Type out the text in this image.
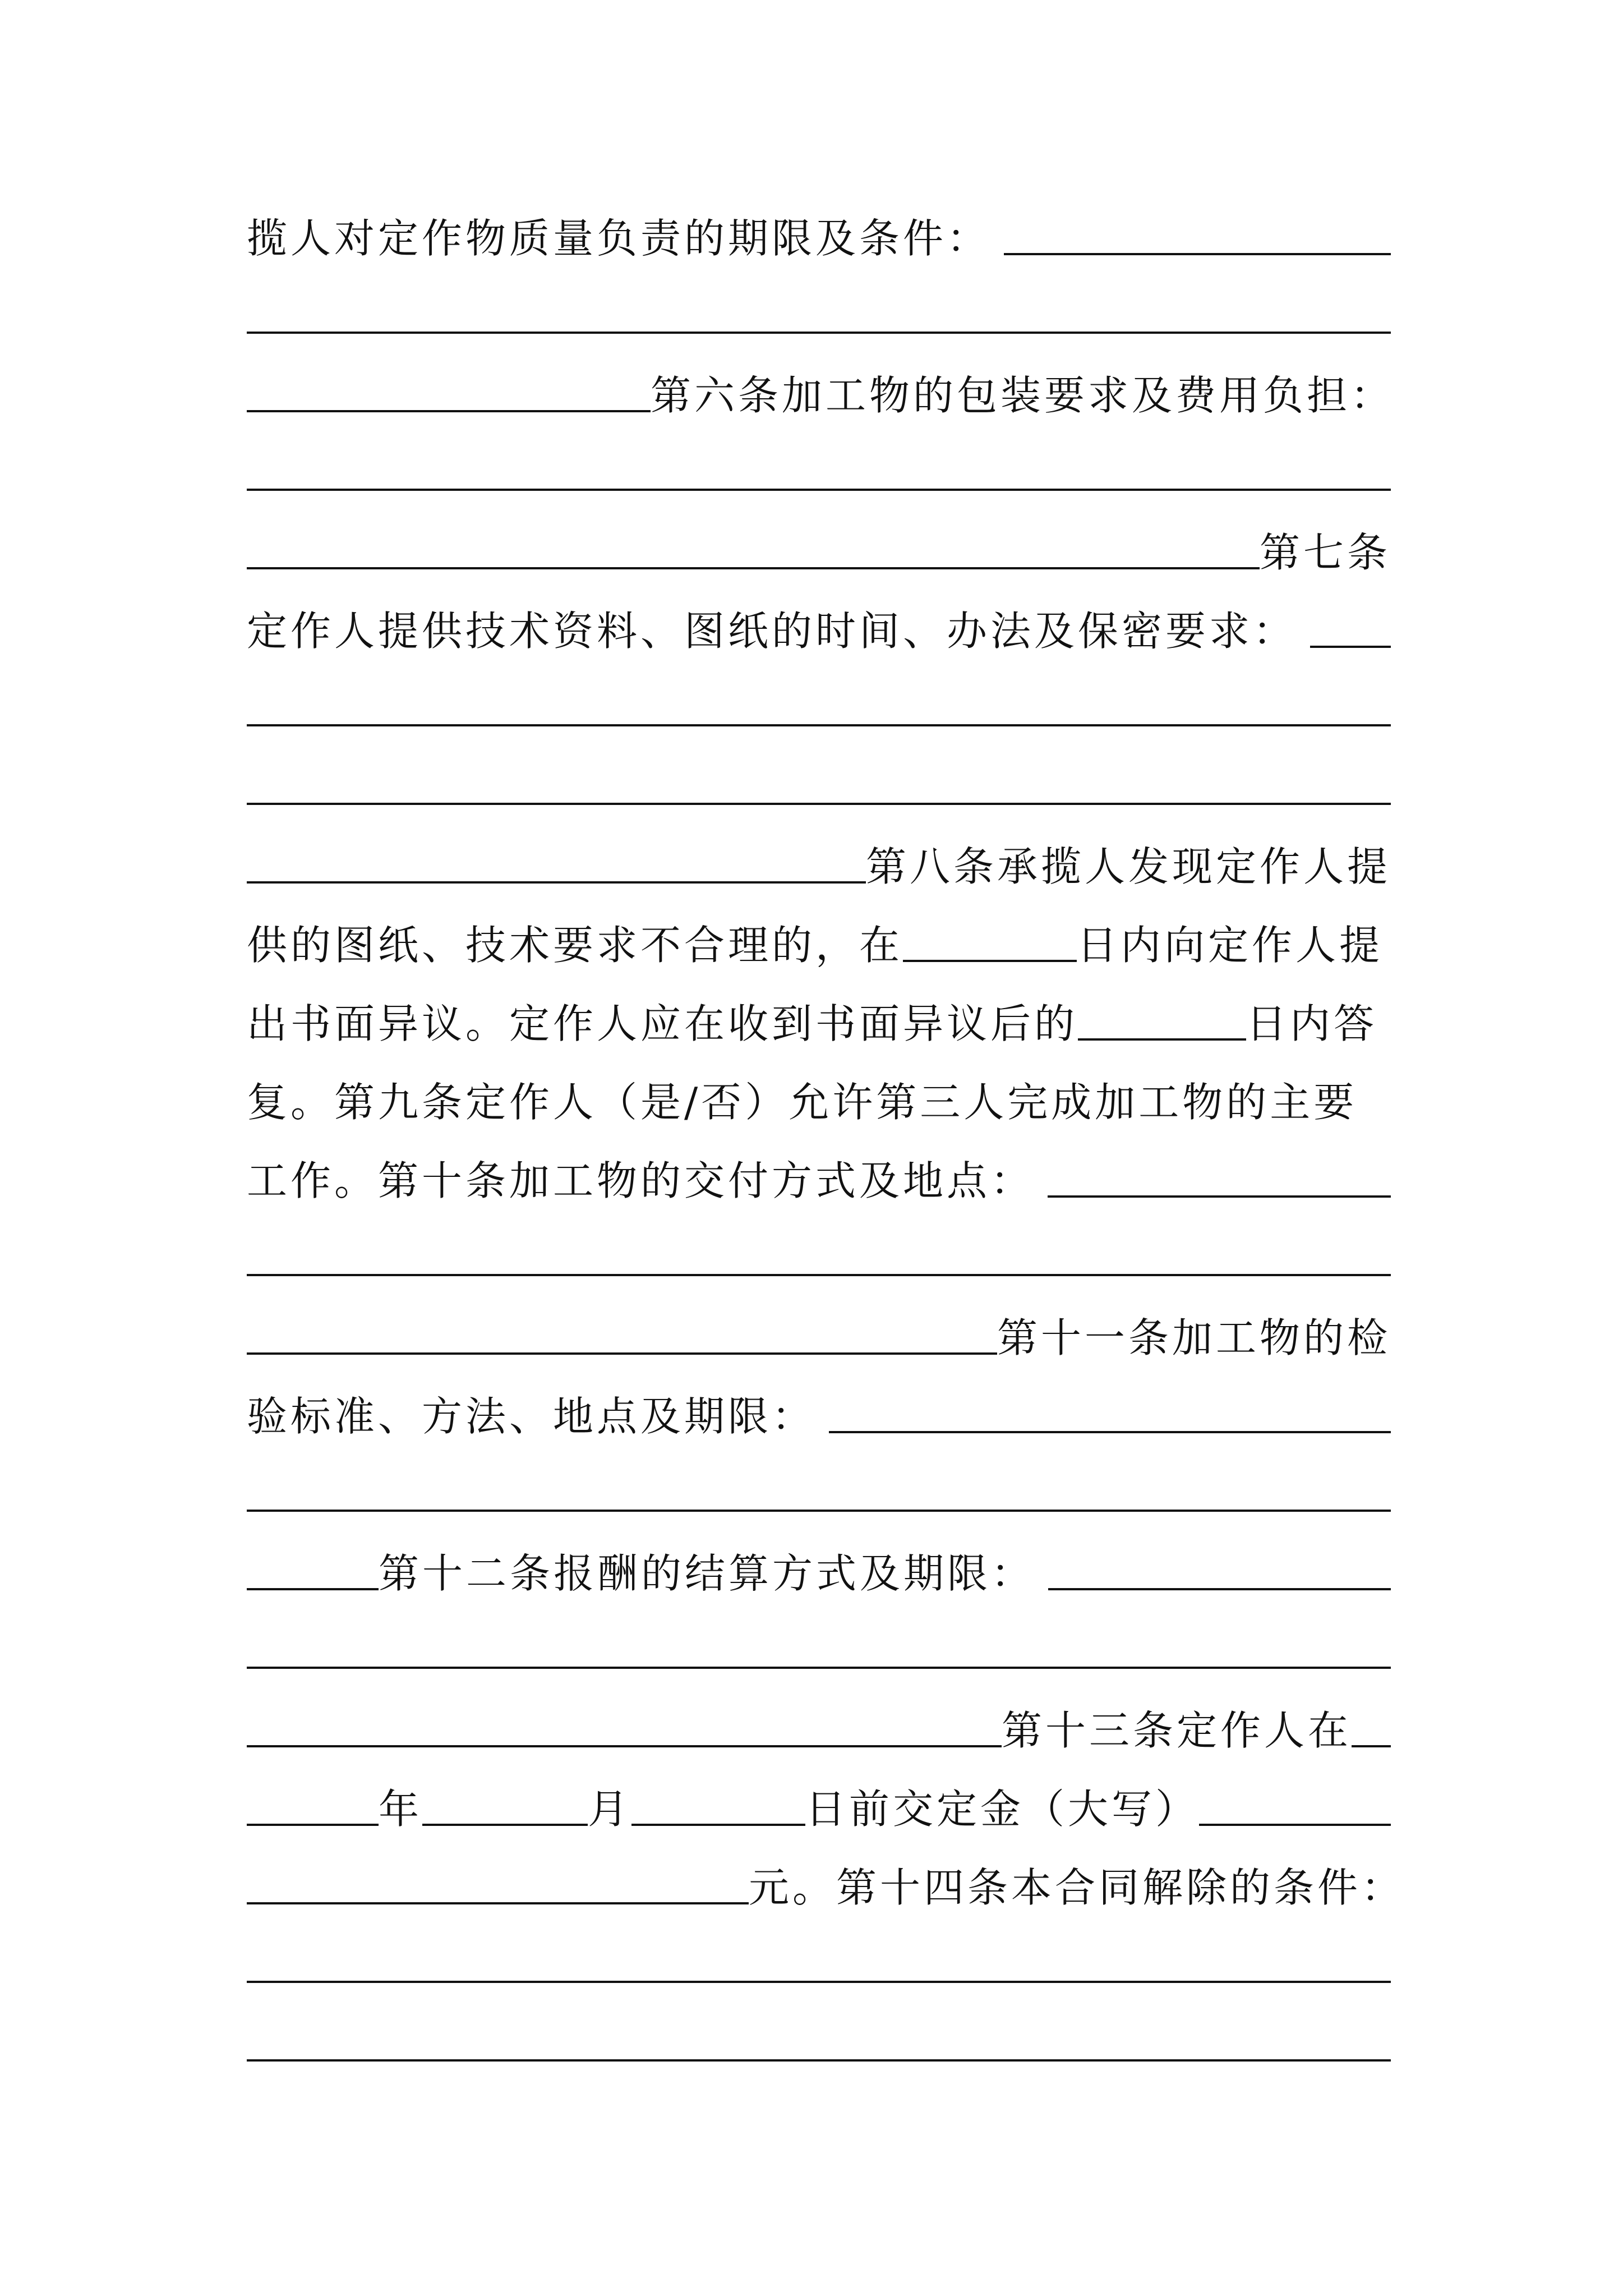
揽人对定作物质量负责的期限及条件：
第六条加工物的包装要求及费用负担：
第七条
定作人提供技术资料、图纸的时间、办法及保密要求：
第八条承揽人发现定作人提
供的图纸、技术要求不合理的，在	日内向定作人提
出书面异议。定作人应在收到书面异议后的	日内答
复。第九条定作人（是/否）允许第三人完成加工物的主要
工作。第十条加工物的交付方式及地点：
第十一条加工物的检
验标准、方法、地点及期限：
第十二条报酬的结算方式及期限：
第十三条定作人在
年	月	日前交定金（大写）
元。第十四条本合同解除的条件：
